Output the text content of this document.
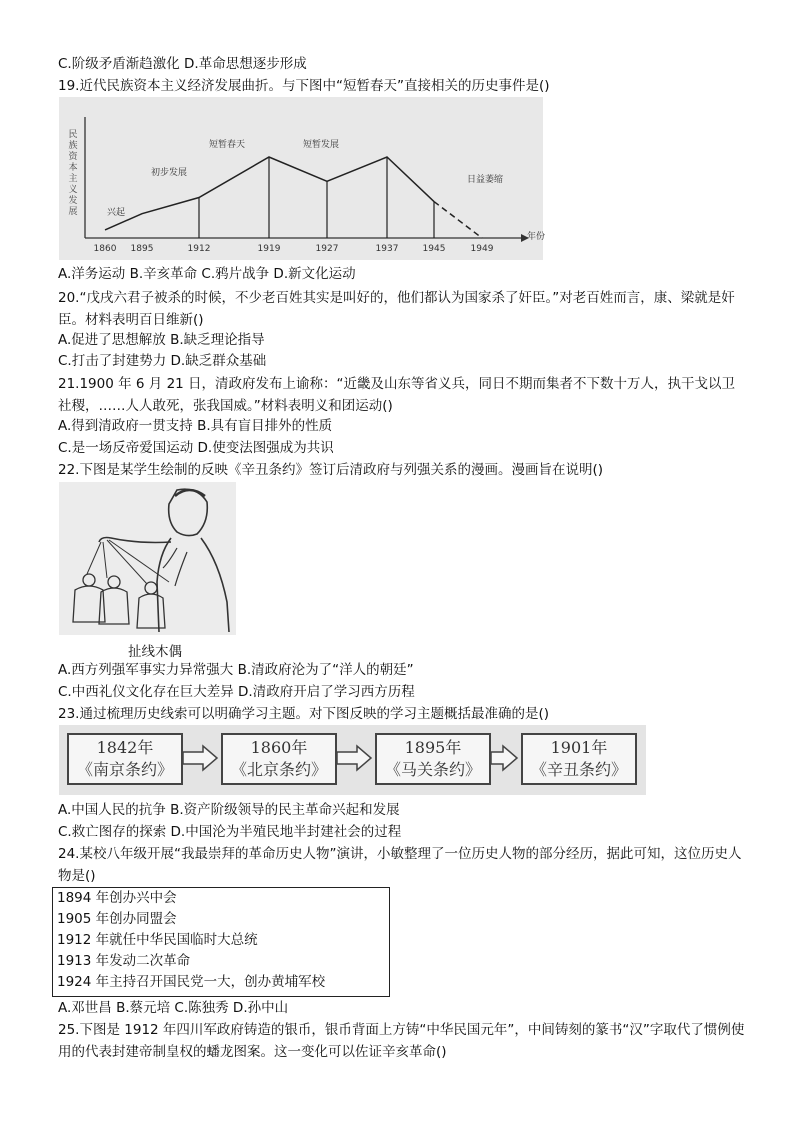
C.阶级矛盾渐趋激化 D.革命思想逐步形成
19.近代民族资本主义经济发展曲折。与下图中“短暂春天”直接相关的历史事件是()
民
族
资
本
主
义
发
展
年份
1860 1895	1912	1919	1927	1937	1945	1949
兴起
初步发展
短暂春天	短暂发展
日益萎缩
A.洋务运动 B.辛亥革命 C.鸦片战争 D.新文化运动
20.“戊戌六君子被杀的时候，不少老百姓其实是叫好的，他们都认为国家杀了奸臣。”对老百姓而言，康、梁就是奸臣。材料表明百日维新()
A.促进了思想解放 B.缺乏理论指导
C.打击了封建势力 D.缺乏群众基础
21.1900 年 6 月 21 日，清政府发布上谕称：“近畿及山东等省义兵，同日不期而集者不下数十万人，执干戈以卫社稷，……人人敢死，张我国威。”材料表明义和团运动()
A.得到清政府一贯支持 B.具有盲目排外的性质
C.是一场反帝爱国运动 D.使变法图强成为共识
22.下图是某学生绘制的反映《辛丑条约》签订后清政府与列强关系的漫画。漫画旨在说明()
扯线木偶
A.西方列强军事实力异常强大 B.清政府沦为了“洋人的朝廷”
C.中西礼仪文化存在巨大差异 D.清政府开启了学习西方历程
23.通过梳理历史线索可以明确学习主题。对下图反映的学习主题概括最准确的是()
1842年
《南京条约》
1860年
《北京条约》
1895年
《马关条约》
1901年
《辛丑条约》
A.中国人民的抗争 B.资产阶级领导的民主革命兴起和发展
C.救亡图存的探索 D.中国沦为半殖民地半封建社会的过程
24.某校八年级开展“我最崇拜的革命历史人物”演讲，小敏整理了一位历史人物的部分经历，据此可知，这位历史人物是()
1894 年创办兴中会
1905 年创办同盟会
1912 年就任中华民国临时大总统
1913 年发动二次革命
1924 年主持召开国民党一大，创办黄埔军校
A.邓世昌 B.蔡元培 C.陈独秀 D.孙中山
25.下图是 1912 年四川军政府铸造的银币，银币背面上方铸“中华民国元年”，中间铸刻的篆书“汉”字取代了惯例使用的代表封建帝制皇权的蟠龙图案。这一变化可以佐证辛亥革命()
